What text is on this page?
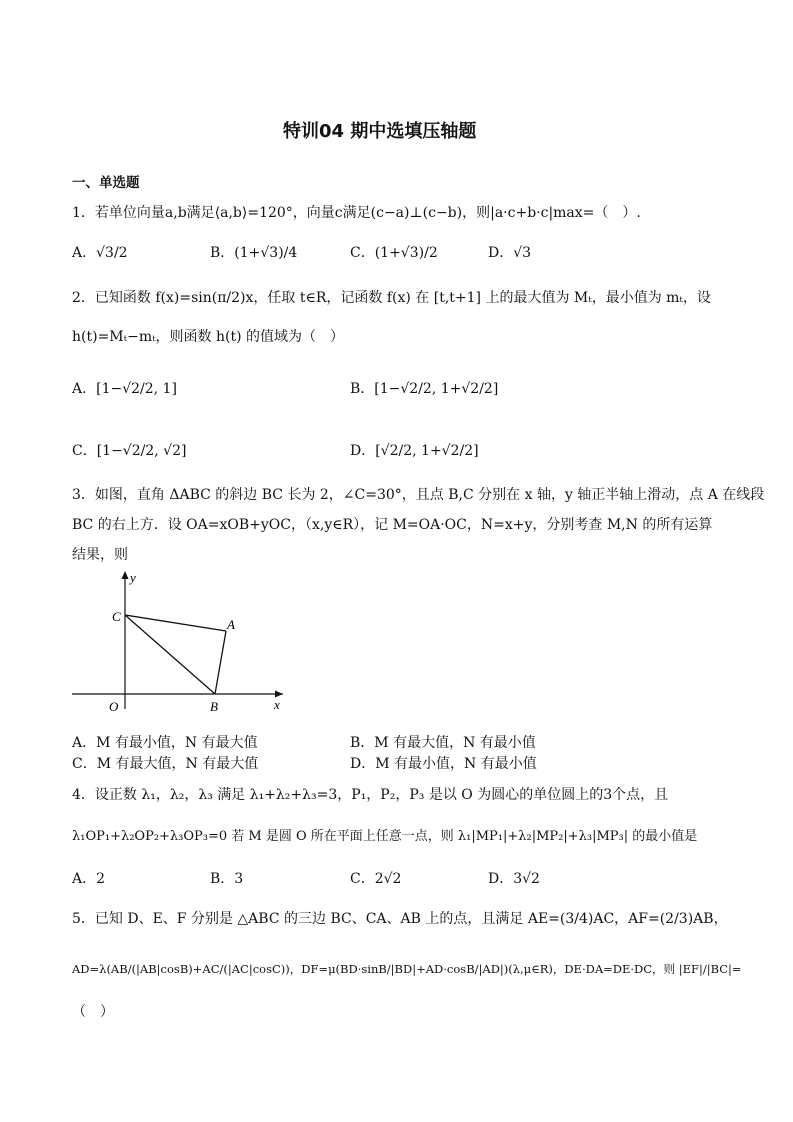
特训04 期中选填压轴题
一、单选题
1．若单位向量a,b满足⟨a,b⟩=120°，向量c满足(c−a)⊥(c−b)，则|a·c+b·c|max=（　）.
A．√3/2	B．(1+√3)/4	C．(1+√3)/2	D．√3
2．已知函数 f(x)=sin(π/2)x，任取 t∈R，记函数 f(x) 在 [t,t+1] 上的最大值为 Mₜ，最小值为 mₜ，设
h(t)=Mₜ−mₜ，则函数 h(t) 的值域为（　）
A．[1−√2/2, 1]	B．[1−√2/2, 1+√2/2]
C．[1−√2/2, √2]	D．[√2/2, 1+√2/2]
3．如图，直角 ΔABC 的斜边 BC 长为 2，∠C=30°，且点 B,C 分别在 x 轴，y 轴正半轴上滑动，点 A 在线段
BC 的右上方．设 OA=xOB+yOC，（x,y∈R），记 M=OA·OC，N=x+y，分别考查 M,N 的所有运算
结果，则
y
x
O
A
B
C
A．M 有最小值，N 有最大值	B．M 有最大值，N 有最小值
C．M 有最大值，N 有最大值	D．M 有最小值，N 有最小值
4．设正数 λ₁，λ₂，λ₃ 满足 λ₁+λ₂+λ₃=3，P₁，P₂，P₃ 是以 O 为圆心的单位圆上的3个点，且
λ₁OP₁+λ₂OP₂+λ₃OP₃=0 若 M 是圆 O 所在平面上任意一点，则 λ₁|MP₁|+λ₂|MP₂|+λ₃|MP₃| 的最小值是
A．2	B．3	C．2√2	D．3√2
5．已知 D、E、F 分别是 △ABC 的三边 BC、CA、AB 上的点，且满足 AE=(3/4)AC，AF=(2/3)AB，
AD=λ(AB/(|AB|cosB)+AC/(|AC|cosC))，DF=μ(BD·sinB/|BD|+AD·cosB/|AD|)(λ,μ∈R)，DE·DA=DE·DC，则 |EF|/|BC|=
（　）
